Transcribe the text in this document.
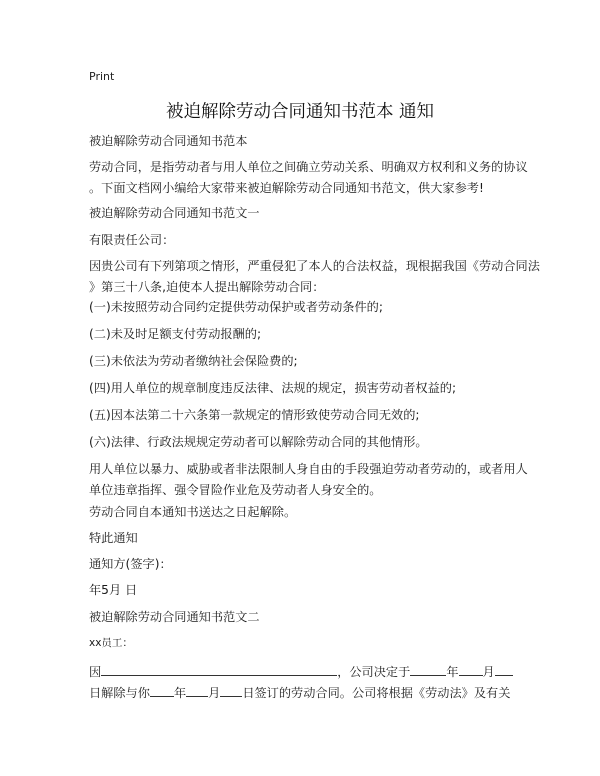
Print
被迫解除劳动合同通知书范本 通知
被迫解除劳动合同通知书范本
劳动合同，是指劳动者与用人单位之间确立劳动关系、明确双方权利和义务的协议
。下面文档网小编给大家带来被迫解除劳动合同通知书范文，供大家参考!
被迫解除劳动合同通知书范文一
有限责任公司：
因贵公司有下列第项之情形，严重侵犯了本人的合法权益，现根据我国《劳动合同法
》第三十八条,迫使本人提出解除劳动合同：
(一)未按照劳动合同约定提供劳动保护或者劳动条件的;
(二)未及时足额支付劳动报酬的;
(三)未依法为劳动者缴纳社会保险费的;
(四)用人单位的规章制度违反法律、法规的规定，损害劳动者权益的;
(五)因本法第二十六条第一款规定的情形致使劳动合同无效的;
(六)法律、行政法规规定劳动者可以解除劳动合同的其他情形。
用人单位以暴力、威胁或者非法限制人身自由的手段强迫劳动者劳动的，或者用人
单位违章指挥、强令冒险作业危及劳动者人身安全的。
劳动合同自本通知书送达之日起解除。
特此通知
通知方(签字)：
年5月 日
被迫解除劳动合同通知书范文二
xx员工：
因	，公司决定于	年 月
日解除与你 年 月 日签订的劳动合同。公司将根据《劳动法》及有关
